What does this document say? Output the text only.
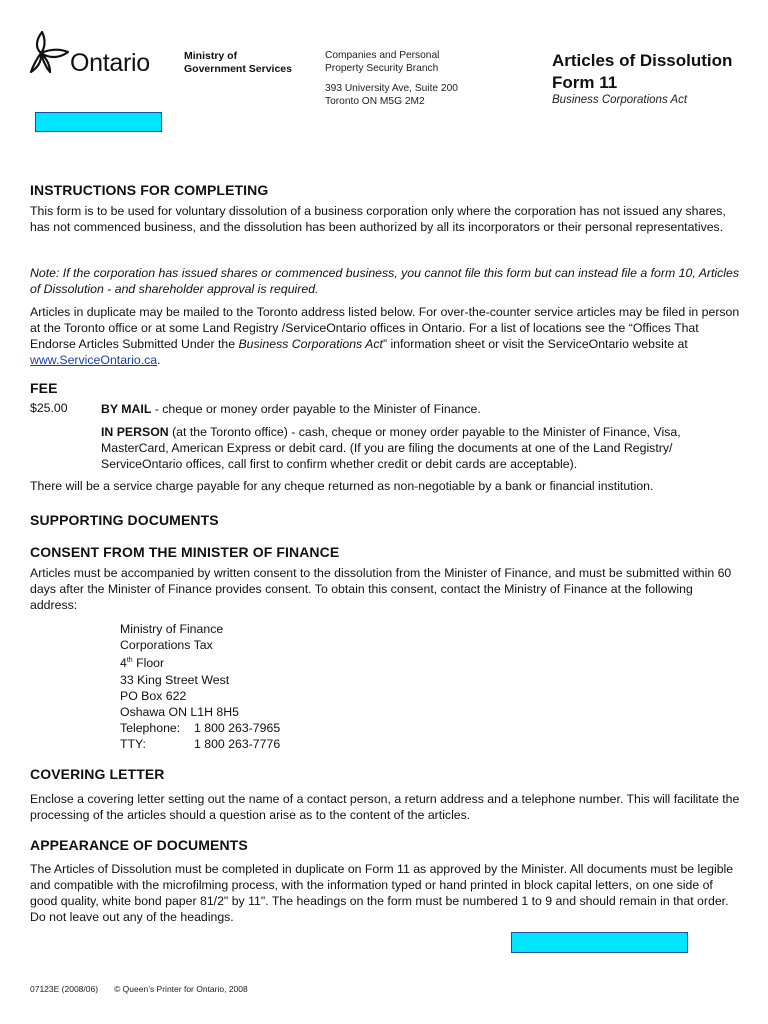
Ontario	Ministry of
Government Services
Companies and Personal
Property Security Branch
393 University Ave, Suite 200
Toronto ON M5G 2M2
Articles of Dissolution
Form 11
Business Corporations Act
INSTRUCTIONS FOR COMPLETING
This form is to be used for voluntary dissolution of a business corporation only where the corporation has not issued any shares, has not commenced business, and the dissolution has been authorized by all its incorporators or their personal representatives.
Note: If the corporation has issued shares or commenced business, you cannot file this form but can instead file a form 10, Articles of Dissolution - and shareholder approval is required.
Articles in duplicate may be mailed to the Toronto address listed below. For over-the-counter service articles may be filed in person at the Toronto office or at some Land Registry /ServiceOntario offices in Ontario. For a list of locations see the “Offices That Endorse Articles Submitted Under the Business Corporations Act” information sheet or visit the ServiceOntario website at www.ServiceOntario.ca.
FEE
$25.00	BY MAIL - cheque or money order payable to the Minister of Finance.
IN PERSON (at the Toronto office) - cash, cheque or money order payable to the Minister of Finance, Visa, MasterCard, American Express or debit card. (If you are filing the documents at one of the Land Registry/ ServiceOntario offices, call first to confirm whether credit or debit cards are acceptable).
There will be a service charge payable for any cheque returned as non-negotiable by a bank or financial institution.
SUPPORTING DOCUMENTS
CONSENT FROM THE MINISTER OF FINANCE
Articles must be accompanied by written consent to the dissolution from the Minister of Finance, and must be submitted within 60 days after the Minister of Finance provides consent. To obtain this consent, contact the Ministry of Finance at the following address:
Ministry of Finance
Corporations Tax
4th Floor
33 King Street West
PO Box 622
Oshawa ON L1H 8H5
Telephone: 1 800 263-7965
TTY:	1 800 263-7776
COVERING LETTER
Enclose a covering letter setting out the name of a contact person, a return address and a telephone number. This will facilitate the processing of the articles should a question arise as to the content of the articles.
APPEARANCE OF DOCUMENTS
The Articles of Dissolution must be completed in duplicate on Form 11 as approved by the Minister. All documents must be legible and compatible with the microfilming process, with the information typed or hand printed in block capital letters, on one side of good quality, white bond paper 81/2" by 11". The headings on the form must be numbered 1 to 9 and should remain in that order. Do not leave out any of the headings.
07123E (2008/06) © Queen’s Printer for Ontario, 2008
